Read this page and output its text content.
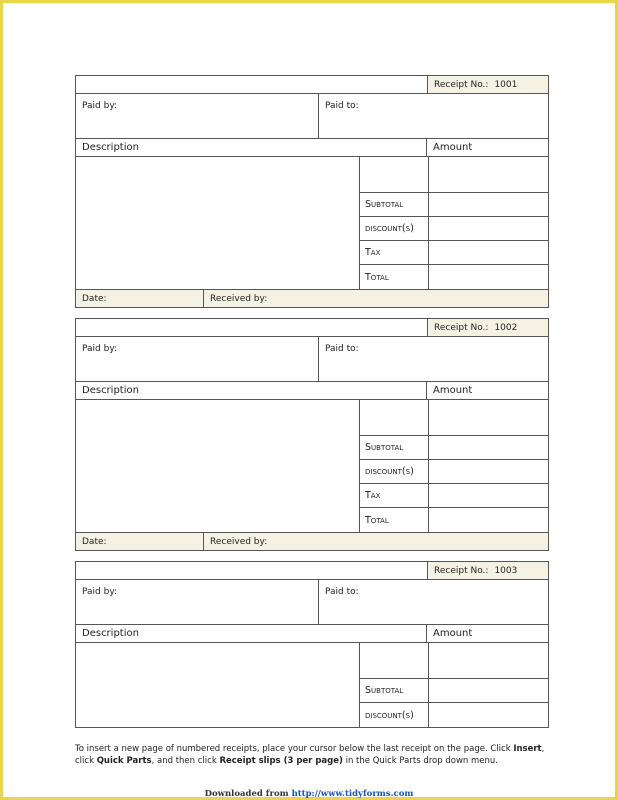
Receipt No.: 1001
Paid by:	Paid to:
Description	Amount
Subtotal
discount(s)
Tax
Total
Date:	Received by:
Receipt No.: 1002
Paid by:	Paid to:
Description	Amount
Subtotal
discount(s)
Tax
Total
Date:	Received by:
Receipt No.: 1003
Paid by:	Paid to:
Description	Amount
Subtotal
discount(s)
To insert a new page of numbered receipts, place your cursor below the last receipt on the page. Click Insert, click Quick Parts, and then click Receipt slips (3 per page) in the Quick Parts drop down menu.
Downloaded from http://www.tidyforms.com
